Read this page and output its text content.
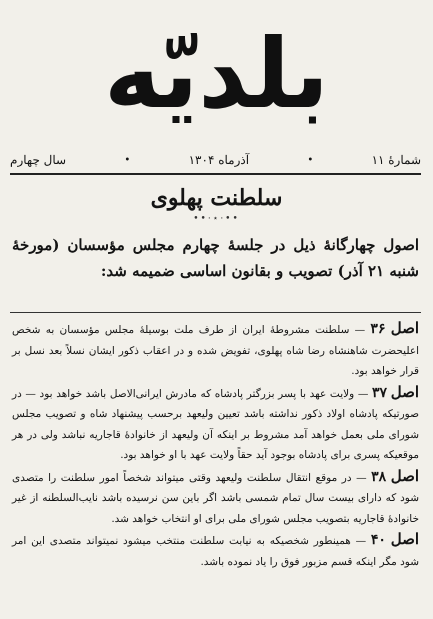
بلدیّه
شمارهٔ ۱۱
•
آذرماه ۱۳۰۴
•
سال چهارم
سلطنت پهلوی
••·⋆·••
اصول چهارگانهٔ ذیل در جلسهٔ چهارم مجلس مؤسسان (مورخهٔ شنبه ۲۱ آذر) تصویب و بقانون اساسی ضمیمه شد:

اصل ۳۶ — سلطنت مشروطهٔ ایران از طرف ملت بوسیلهٔ مجلس مؤسسان به شخص اعلیحضرت شاهنشاه رضا شاه پهلوی، تفویض شده و در اعقاب ذکور ایشان نسلاً بعد نسل بر قرار خواهد بود.

اصل ۳۷ — ولایت عهد با پسر بزرگتر پادشاه که مادرش ایرانی‌الاصل باشد خواهد بود — در صورتیکه پادشاه اولاد ذکور نداشته باشد تعیین ولیعهد برحسب پیشنهاد شاه و تصویب مجلس شورای ملی بعمل خواهد آمد مشروط بر اینکه آن ولیعهد از خانوادهٔ قاجاریه نباشد ولی در هر موقعیکه پسری برای پادشاه بوجود آید حقاً ولایت عهد با او خواهد بود.

اصل ۳۸ — در موقع انتقال سلطنت ولیعهد وقتی میتواند شخصاً امور سلطنت را متصدی شود که دارای بیست سال تمام شمسی باشد اگر باین سن نرسیده باشد نایب‌السلطنه از غیر خانوادهٔ قاجاریه بتصویب مجلس شورای ملی برای او انتخاب خواهد شد.

اصل ۴۰ — همینطور شخصیکه به نیابت سلطنت منتخب میشود نمیتواند متصدی این امر شود مگر اینکه قسم مزبور فوق را یاد نموده باشد.
